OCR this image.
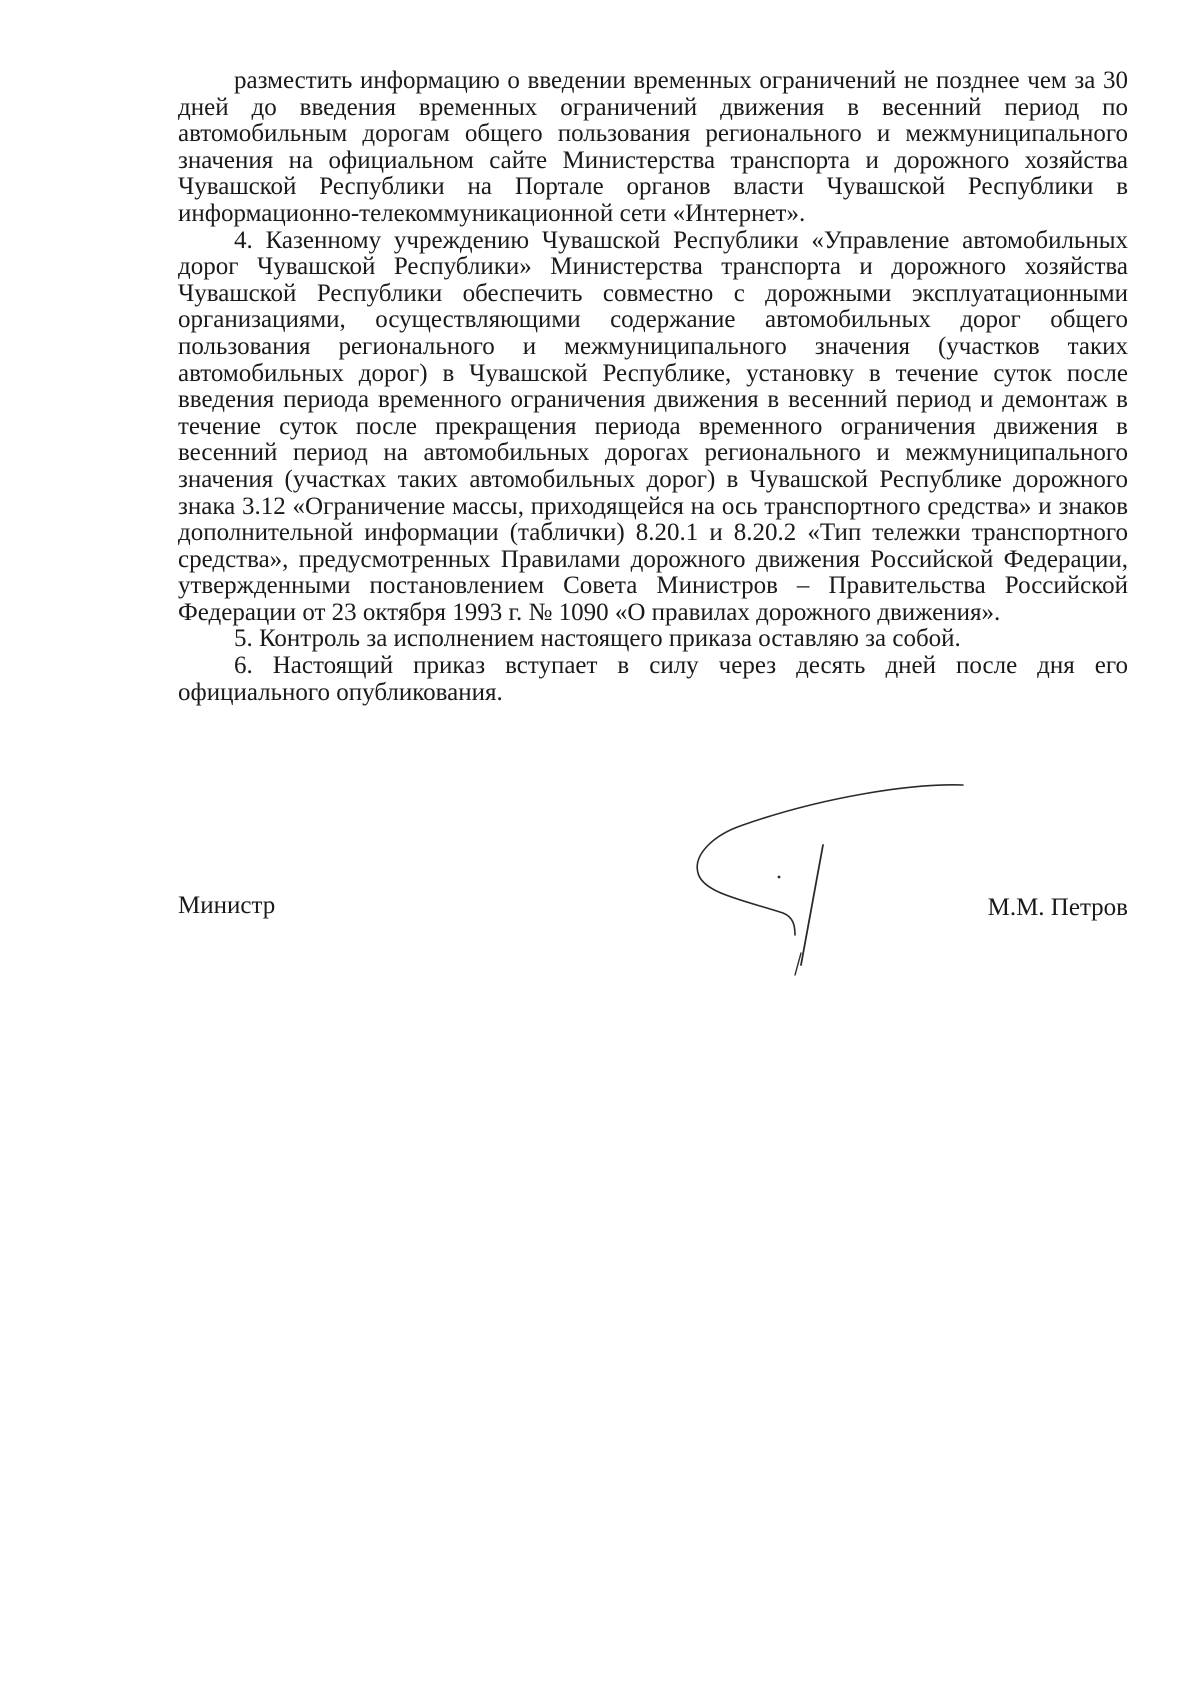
разместить информацию о введении временных ограничений не позднее чем за 30 дней до введения временных ограничений движения в весенний период по автомобильным дорогам общего пользования регионального и межмуниципального значения на официальном сайте Министерства транспорта и дорожного хозяйства Чувашской Республики на Портале органов власти Чувашской Республики в информационно-телекоммуникационной сети «Интернет».

4. Казенному учреждению Чувашской Республики «Управление автомобильных дорог Чувашской Республики» Министерства транспорта и дорожного хозяйства Чувашской Республики обеспечить совместно с дорожными эксплуатационными организациями, осуществляющими содержание автомобильных дорог общего пользования регионального и межмуниципального значения (участков таких автомобильных дорог) в Чувашской Республике, установку в течение суток после введения периода временного ограничения движения в весенний период и демонтаж в течение суток после прекращения периода временного ограничения движения в весенний период на автомобильных дорогах регионального и межмуниципального значения (участках таких автомобильных дорог) в Чувашской Республике дорожного знака 3.12 «Ограничение массы, приходящейся на ось транспортного средства» и знаков дополнительной информации (таблички) 8.20.1 и 8.20.2 «Тип тележки транспортного средства», предусмотренных Правилами дорожного движения Российской Федерации, утвержденными постановлением Совета Министров – Правительства Российской Федерации от 23 октября 1993 г. № 1090 «О правилах дорожного движения».

5. Контроль за исполнением настоящего приказа оставляю за собой.

6. Настоящий приказ вступает в силу через десять дней после дня его официального опубликования.

Министр	М.М. Петров
